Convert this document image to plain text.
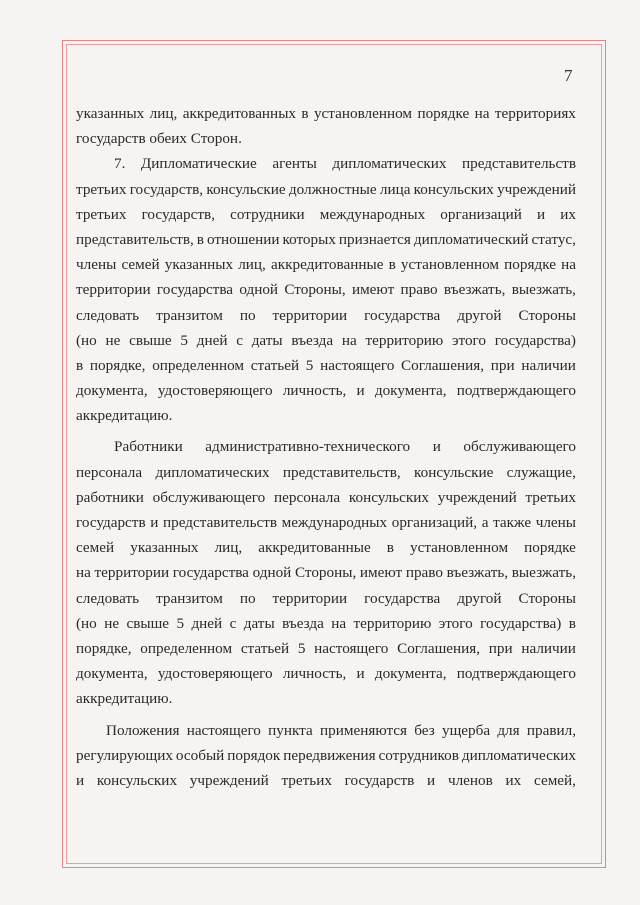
7
указанных лиц, аккредитованных в установленном порядке на территориях
государств обеих Сторон.
7. Дипломатические агенты дипломатических представительств
третьих государств, консульские должностные лица консульских учреждений
третьих государств, сотрудники международных организаций и их
представительств, в отношении которых признается дипломатический статус,
члены семей указанных лиц, аккредитованные в установленном порядке на
территории государства одной Стороны, имеют право въезжать, выезжать,
следовать транзитом по территории государства другой Стороны
(но не свыше 5 дней с даты въезда на территорию этого государства)
в порядке, определенном статьей 5 настоящего Соглашения, при наличии
документа, удостоверяющего личность, и документа, подтверждающего
аккредитацию.
Работники административно-технического и обслуживающего
персонала дипломатических представительств, консульские служащие,
работники обслуживающего персонала консульских учреждений третьих
государств и представительств международных организаций, а также члены
семей указанных лиц, аккредитованные в установленном порядке
на территории государства одной Стороны, имеют право въезжать, выезжать,
следовать транзитом по территории государства другой Стороны
(но не свыше 5 дней с даты въезда на территорию этого государства) в
порядке, определенном статьей 5 настоящего Соглашения, при наличии
документа, удостоверяющего личность, и документа, подтверждающего
аккредитацию.
Положения настоящего пункта применяются без ущерба для правил,
регулирующих особый порядок передвижения сотрудников дипломатических
и консульских учреждений третьих государств и членов их семей,
